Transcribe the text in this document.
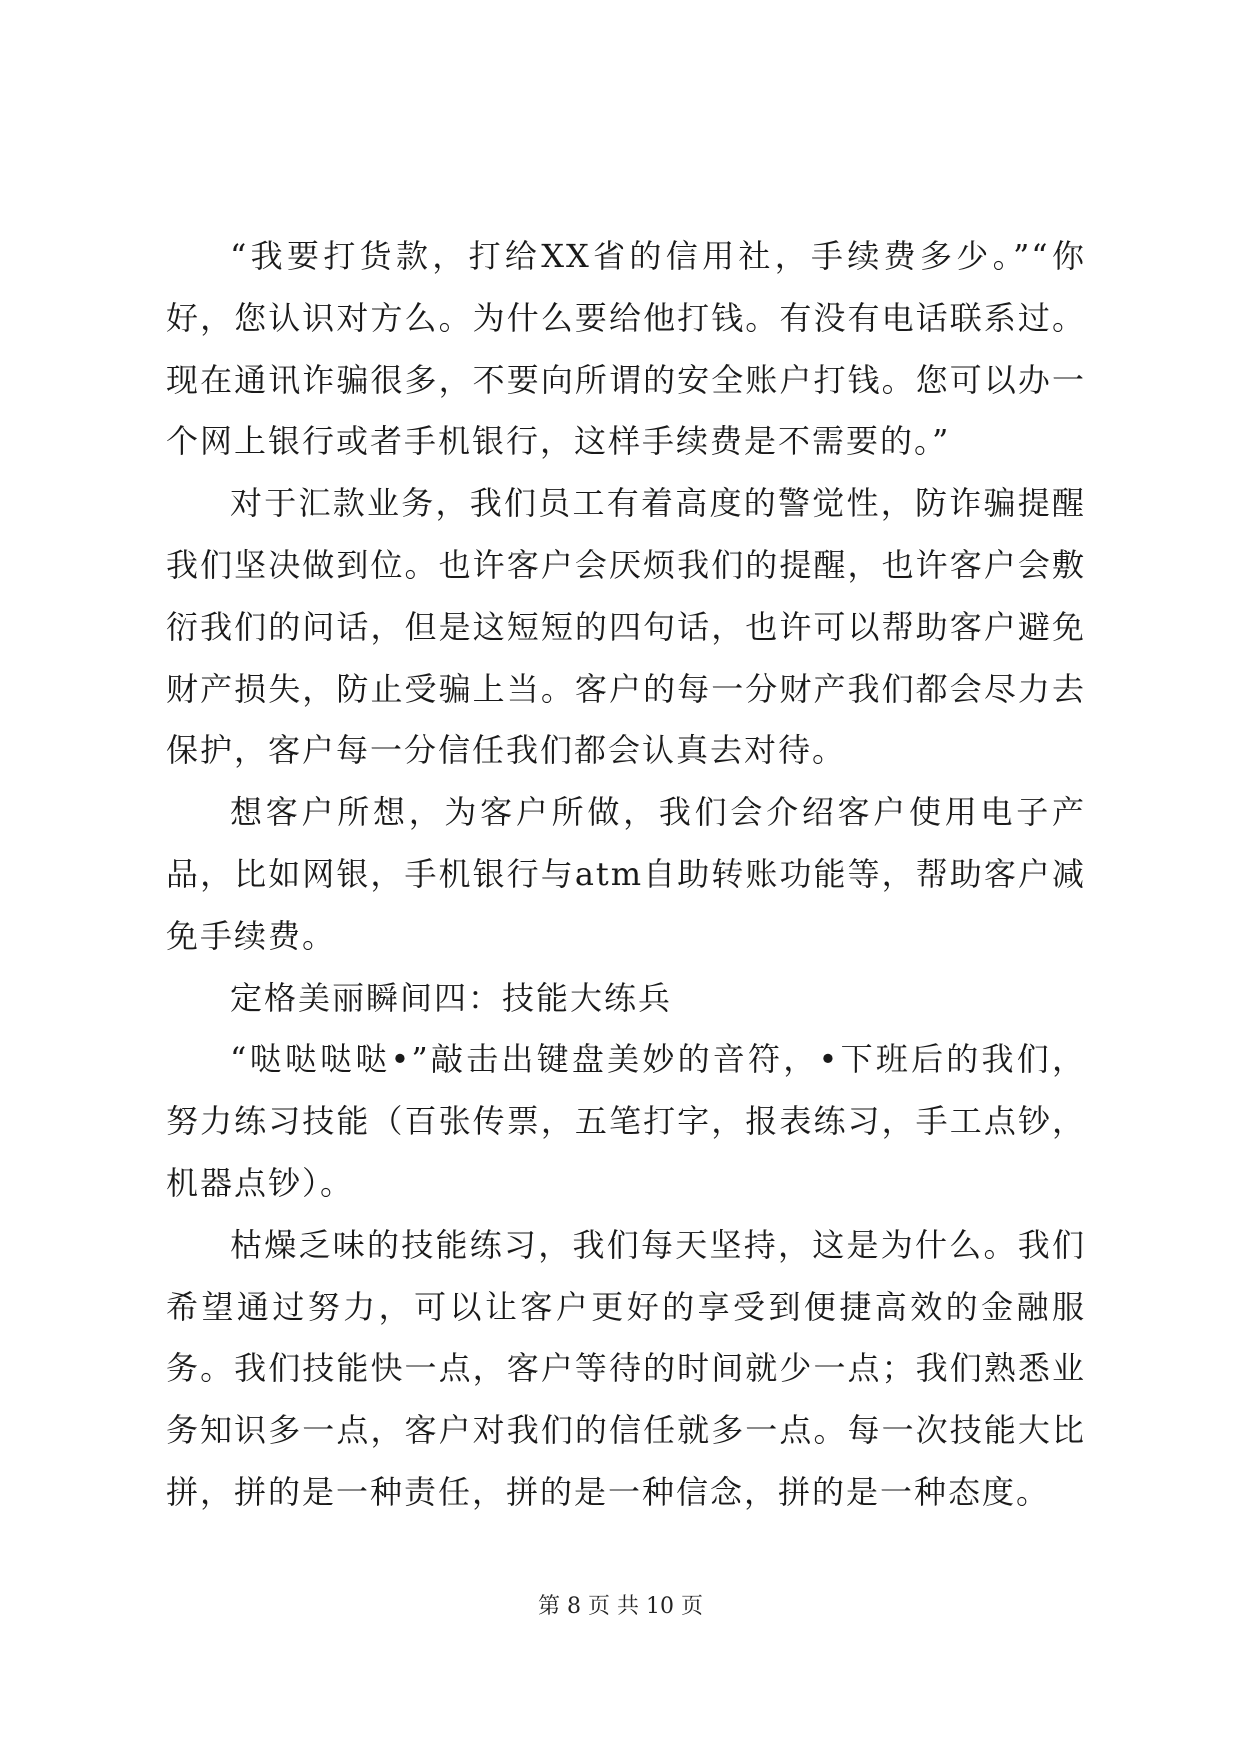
“我要打货款，打给XX省的信用社，手续费多少。”“你好，您认识对方么。为什么要给他打钱。有没有电话联系过。现在通讯诈骗很多，不要向所谓的安全账户打钱。您可以办一个网上银行或者手机银行，这样手续费是不需要的。”

对于汇款业务，我们员工有着高度的警觉性，防诈骗提醒我们坚决做到位。也许客户会厌烦我们的提醒，也许客户会敷衍我们的问话，但是这短短的四句话，也许可以帮助客户避免财产损失，防止受骗上当。客户的每一分财产我们都会尽力去保护，客户每一分信任我们都会认真去对待。

想客户所想，为客户所做，我们会介绍客户使用电子产品，比如网银，手机银行与atm自助转账功能等，帮助客户减免手续费。

定格美丽瞬间四：技能大练兵

“哒哒哒哒•”敲击出键盘美妙的音符，•下班后的我们，努力练习技能（百张传票，五笔打字，报表练习，手工点钞，机器点钞）。

枯燥乏味的技能练习，我们每天坚持，这是为什么。我们希望通过努力，可以让客户更好的享受到便捷高效的金融服务。我们技能快一点，客户等待的时间就少一点；我们熟悉业务知识多一点，客户对我们的信任就多一点。每一次技能大比拼，拼的是一种责任，拼的是一种信念，拼的是一种态度。

第 8 页 共 10 页
